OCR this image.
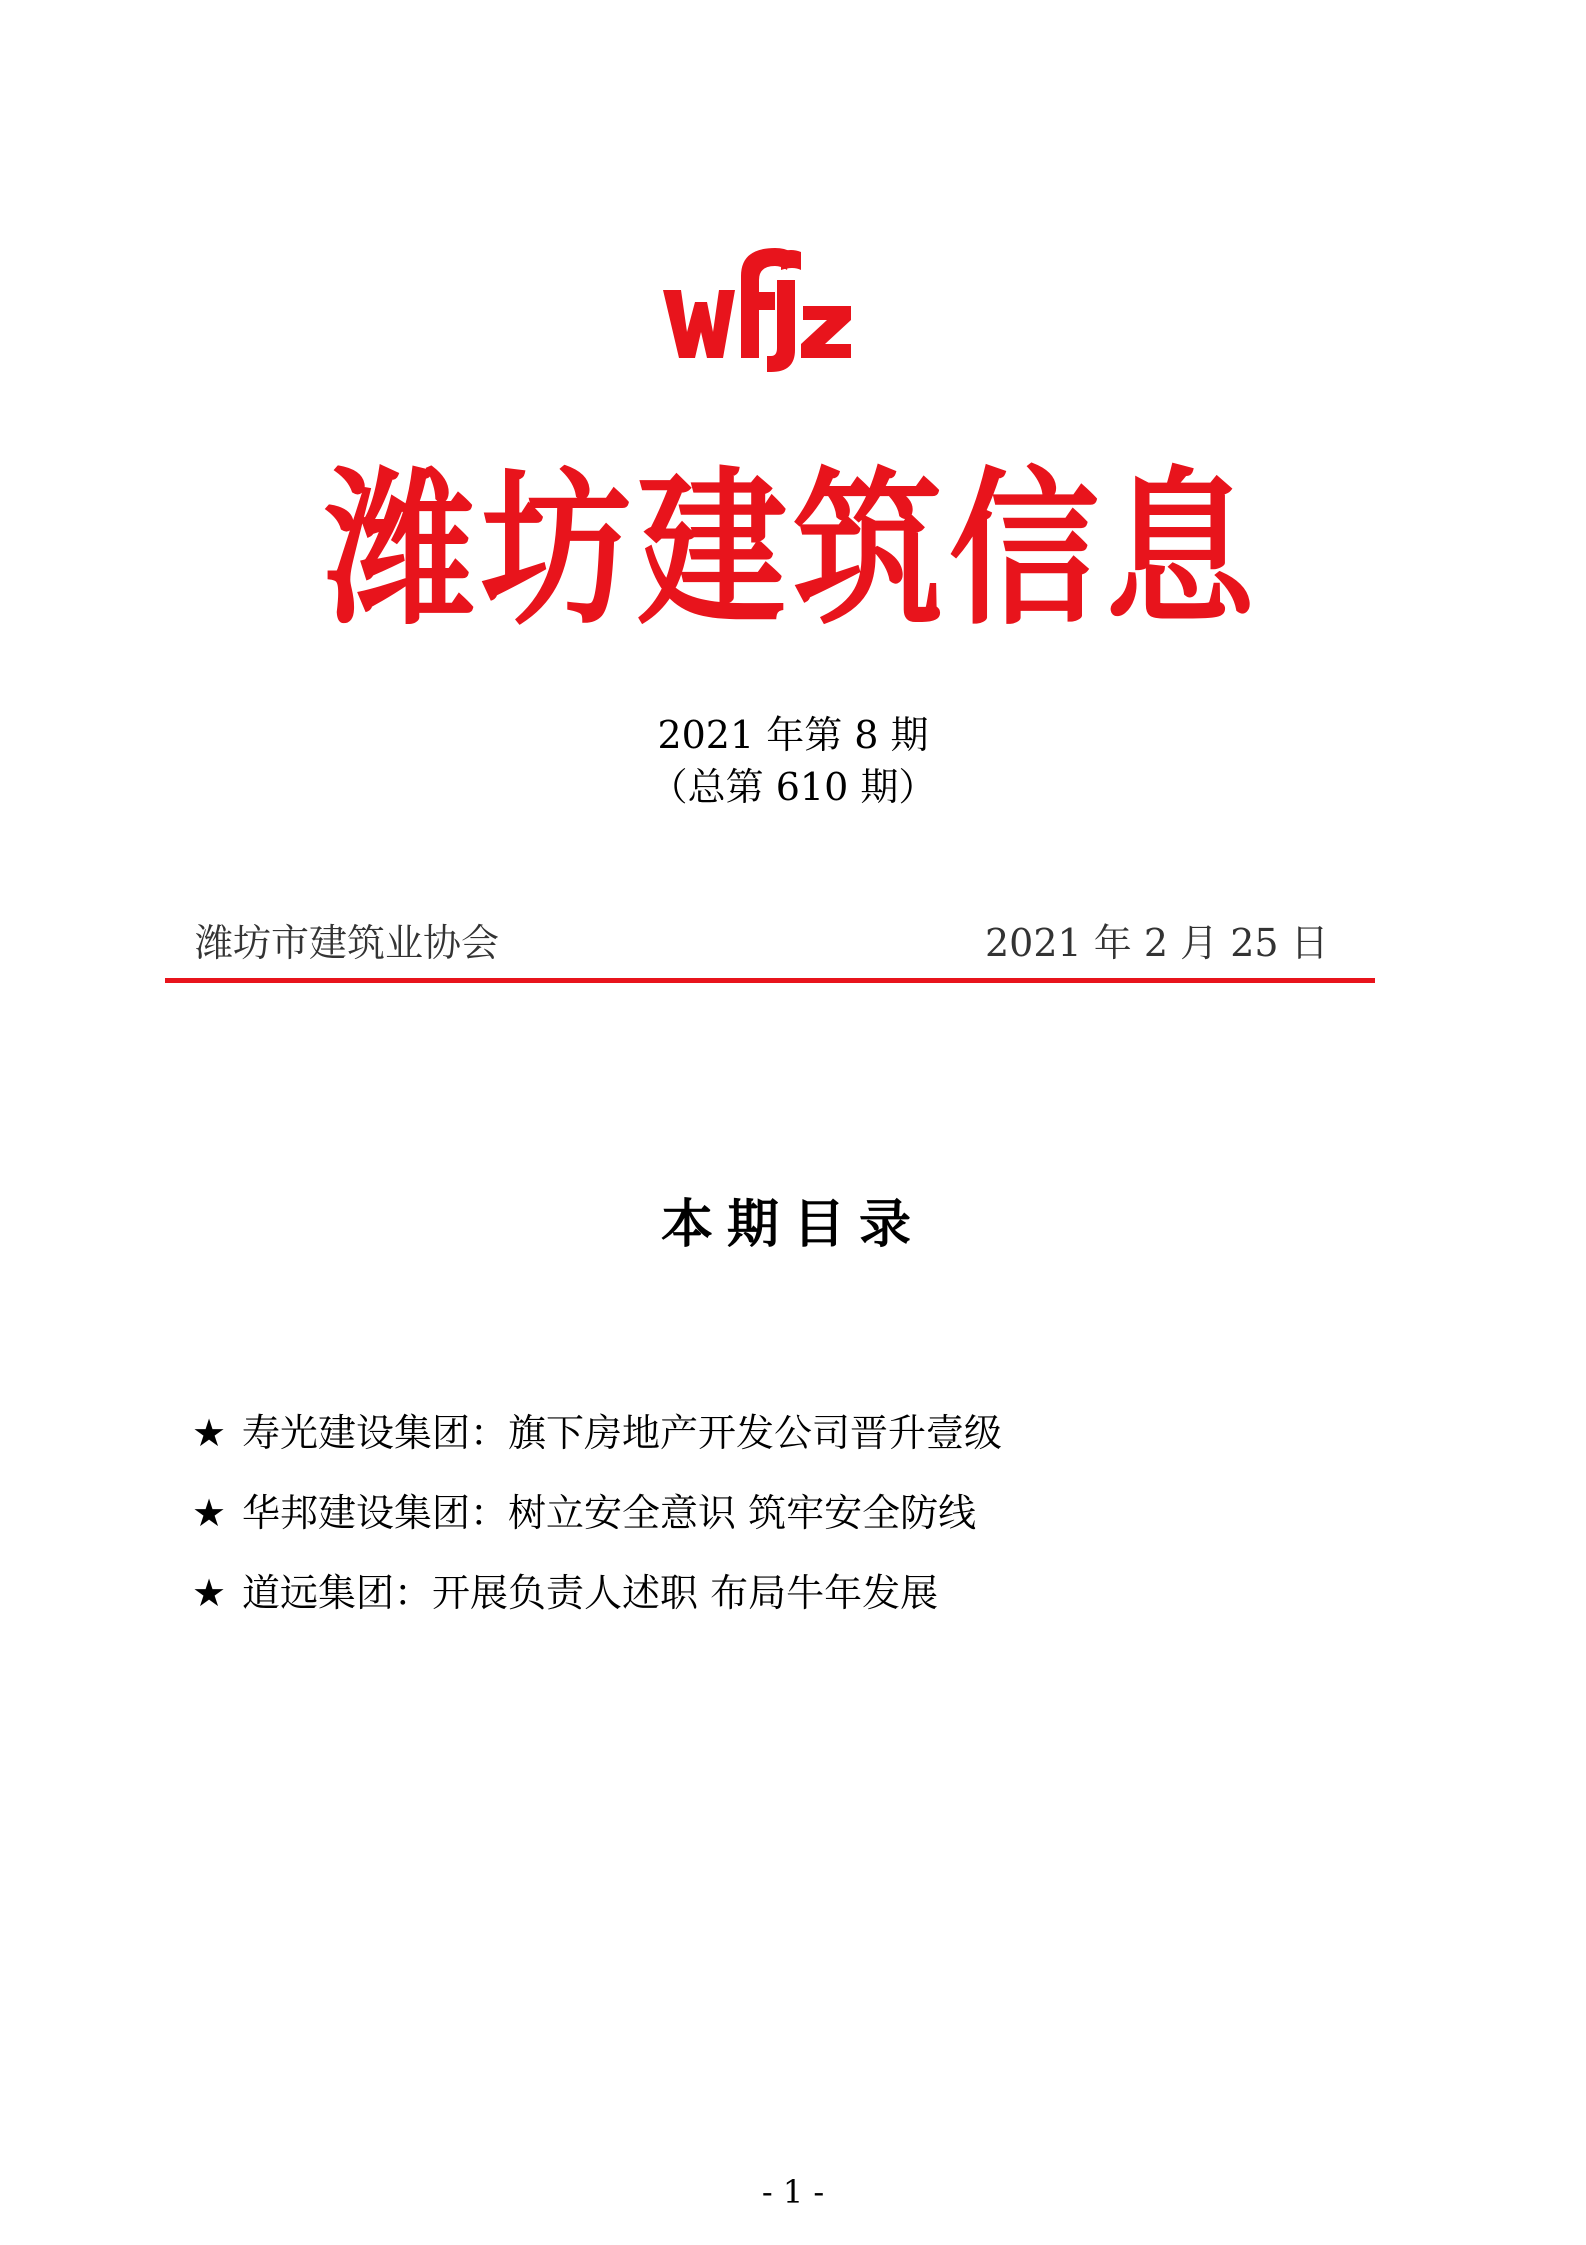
潍坊建筑信息
2021 年第 8 期
（总第 610 期）
潍坊市建筑业协会	2021 年 2 月 25 日
本期目录
★ 寿光建设集团：旗下房地产开发公司晋升壹级
★ 华邦建设集团：树立安全意识 筑牢安全防线
★ 道远集团：开展负责人述职 布局牛年发展
- 1 -
